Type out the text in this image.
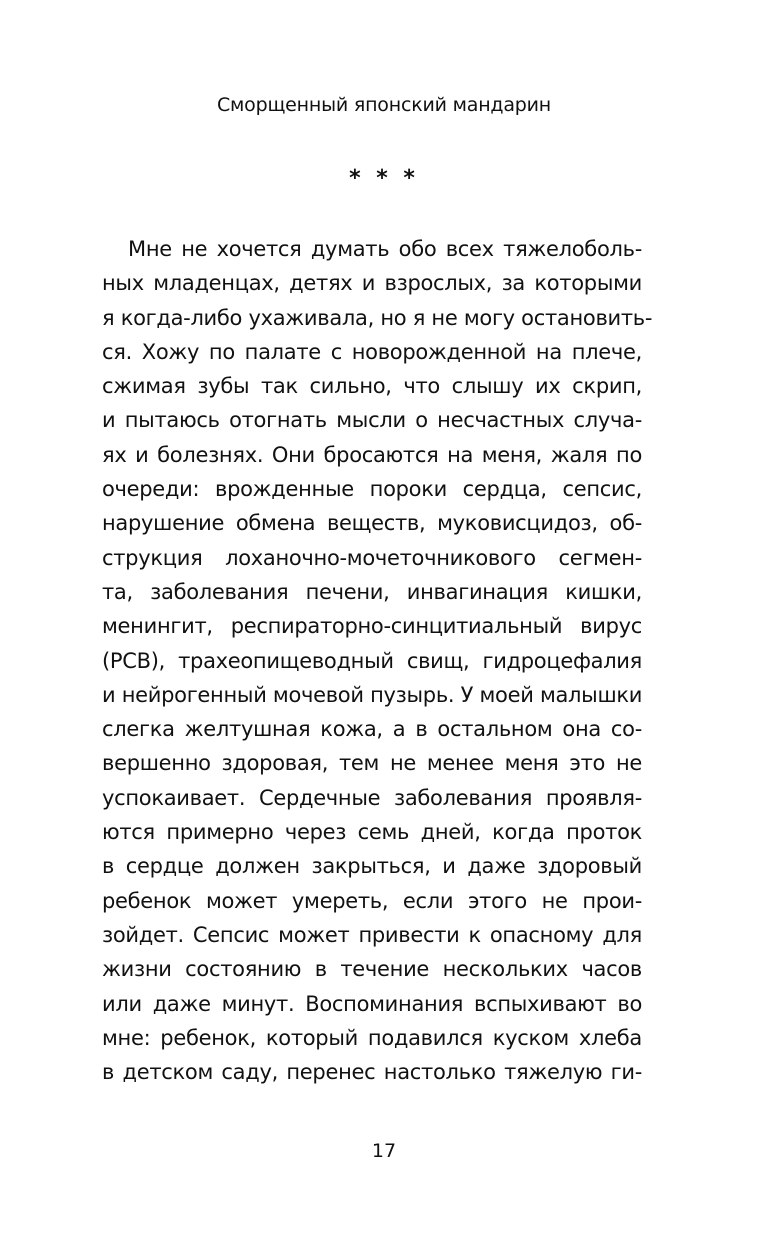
Сморщенный японский мандарин
* * *
Мне не хочется думать обо всех тяжелоболь-
ных младенцах, детях и взрослых, за которыми
я когда-либо ухаживала, но я не могу остановить-
ся. Хожу по палате с новорожденной на плече,
сжимая зубы так сильно, что слышу их скрип,
и пытаюсь отогнать мысли о несчастных случа-
ях и болезнях. Они бросаются на меня, жаля по
очереди: врожденные пороки сердца, сепсис,
нарушение обмена веществ, муковисцидоз, об-
струкция лоханочно-мочеточникового сегмен-
та, заболевания печени, инвагинация кишки,
менингит, респираторно-синцитиальный вирус
(РСВ), трахеопищеводный свищ, гидроцефалия
и нейрогенный мочевой пузырь. У моей малышки
слегка желтушная кожа, а в остальном она со-
вершенно здоровая, тем не менее меня это не
успокаивает. Сердечные заболевания проявля-
ются примерно через семь дней, когда проток
в сердце должен закрыться, и даже здоровый
ребенок может умереть, если этого не прои-
зойдет. Сепсис может привести к опасному для
жизни состоянию в течение нескольких часов
или даже минут. Воспоминания вспыхивают во
мне: ребенок, который подавился куском хлеба
в детском саду, перенес настолько тяжелую ги-
17
